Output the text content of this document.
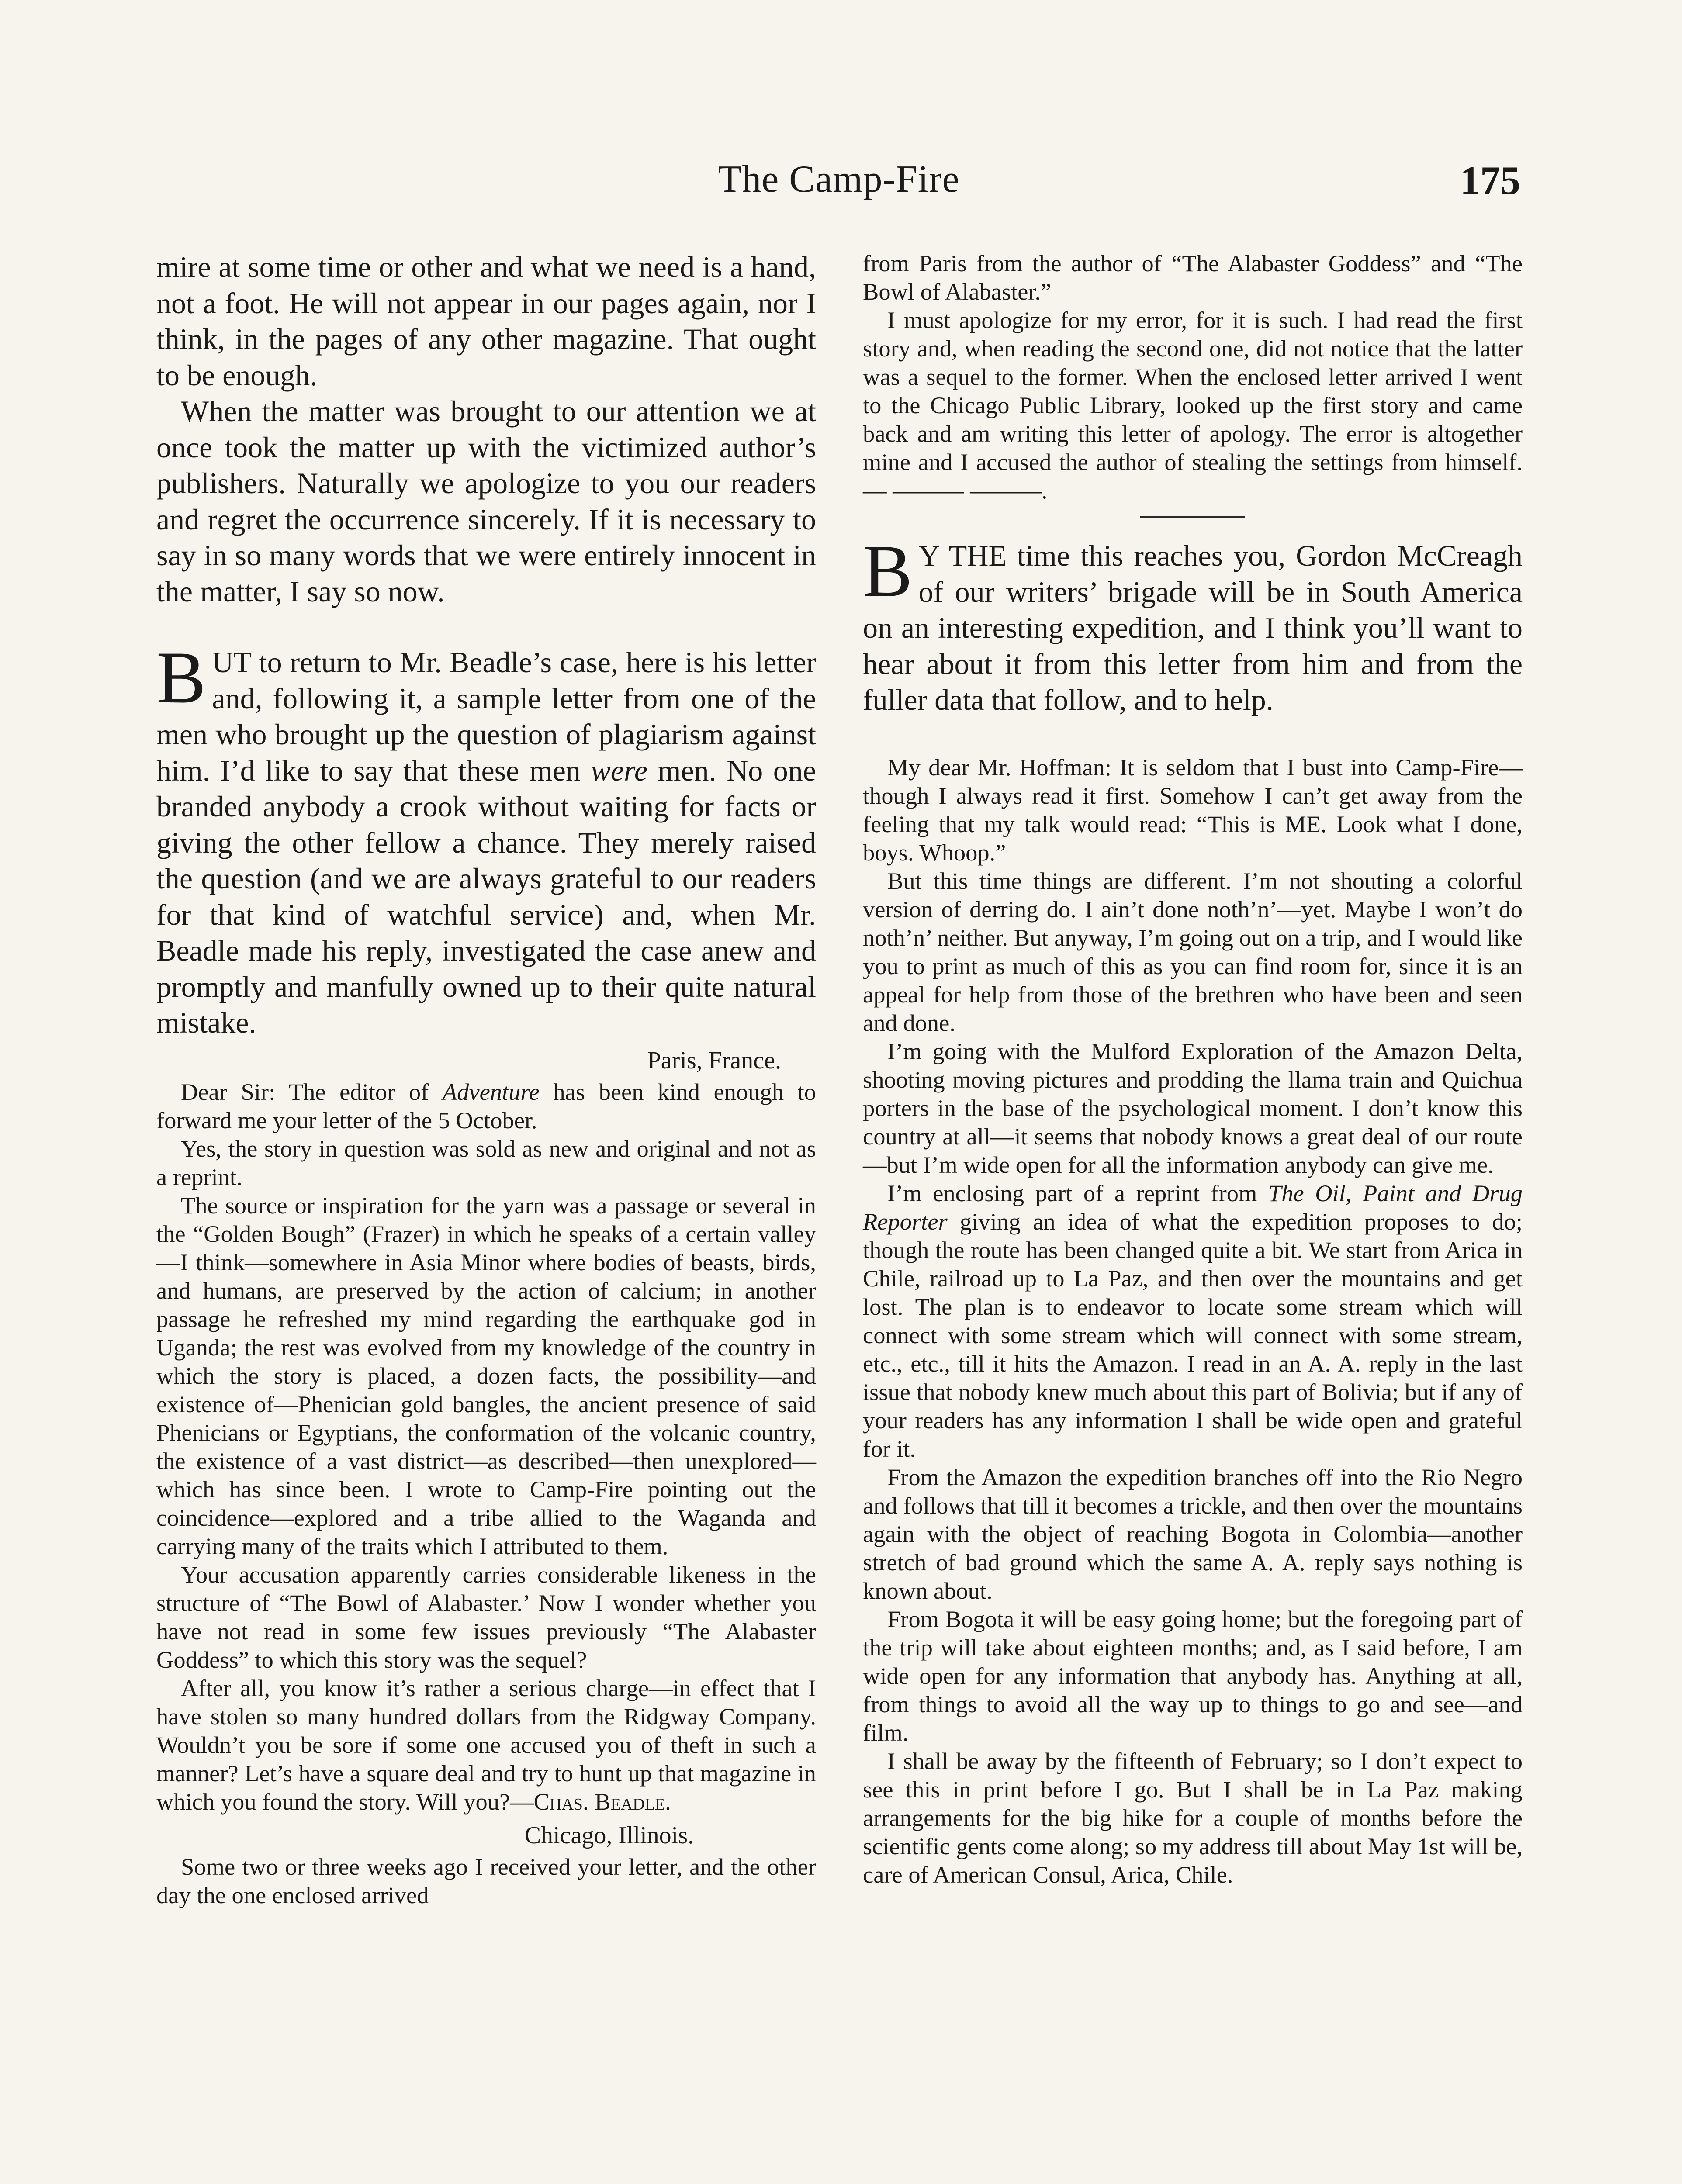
The Camp-Fire	175

mire at some time or other and what we need is a hand, not a foot. He will not appear in our pages again, nor I think, in the pages of any other magazine. That ought to be enough.

When the matter was brought to our attention we at once took the matter up with the victimized author’s publishers. Naturally we apologize to you our readers and regret the occurrence sincerely. If it is necessary to say in so many words that we were entirely innocent in the matter, I say so now.

BUT to return to Mr. Beadle’s case, here is his letter and, following it, a sample letter from one of the men who brought up the question of plagiarism against him. I’d like to say that these men were men. No one branded anybody a crook without waiting for facts or giving the other fellow a chance. They merely raised the question (and we are always grateful to our readers for that kind of watchful service) and, when Mr. Beadle made his reply, investigated the case anew and promptly and manfully owned up to their quite natural mistake.

Paris, France.

Dear Sir: The editor of Adventure has been kind enough to forward me your letter of the 5 October.

Yes, the story in question was sold as new and original and not as a reprint.

The source or inspiration for the yarn was a passage or several in the “Golden Bough” (Frazer) in which he speaks of a certain valley—I think—somewhere in Asia Minor where bodies of beasts, birds, and humans, are preserved by the action of calcium; in another passage he refreshed my mind regarding the earthquake god in Uganda; the rest was evolved from my knowledge of the country in which the story is placed, a dozen facts, the possibility—and existence of—Phenician gold bangles, the ancient presence of said Phenicians or Egyptians, the conformation of the volcanic country, the existence of a vast district—as described—then unexplored—which has since been. I wrote to Camp-Fire pointing out the coincidence—explored and a tribe allied to the Waganda and carrying many of the traits which I attributed to them.

Your accusation apparently carries considerable likeness in the structure of “The Bowl of Alabaster.’ Now I wonder whether you have not read in some few issues previously “The Alabaster Goddess” to which this story was the sequel?

After all, you know it’s rather a serious charge—in effect that I have stolen so many hundred dollars from the Ridgway Company. Wouldn’t you be sore if some one accused you of theft in such a manner? Let’s have a square deal and try to hunt up that magazine in which you found the story. Will you?—Chas. Beadle.

Chicago, Illinois.

Some two or three weeks ago I received your letter, and the other day the one enclosed arrived

from Paris from the author of “The Alabaster Goddess” and “The Bowl of Alabaster.”

I must apologize for my error, for it is such. I had read the first story and, when reading the second one, did not notice that the latter was a sequel to the former. When the enclosed letter arrived I went to the Chicago Public Library, looked up the first story and came back and am writing this letter of apology. The error is altogether mine and I accused the author of stealing the settings from himself.— ——— ———.

B Y THE time this reaches you, Gordon McCreagh of our writers’ brigade will be in South America on an interesting expedition, and I think you’ll want to hear about it from this letter from him and from the fuller data that follow, and to help.

My dear Mr. Hoffman: It is seldom that I bust into Camp-Fire—though I always read it first. Somehow I can’t get away from the feeling that my talk would read: “This is ME. Look what I done, boys. Whoop.”

But this time things are different. I’m not shouting a colorful version of derring do. I ain’t done noth’n’—yet. Maybe I won’t do noth’n’ neither. But anyway, I’m going out on a trip, and I would like you to print as much of this as you can find room for, since it is an appeal for help from those of the brethren who have been and seen and done.

I’m going with the Mulford Exploration of the Amazon Delta, shooting moving pictures and prodding the llama train and Quichua porters in the base of the psychological moment. I don’t know this country at all—it seems that nobody knows a great deal of our route—but I’m wide open for all the information anybody can give me.

I’m enclosing part of a reprint from The Oil, Paint and Drug Reporter giving an idea of what the expedition proposes to do; though the route has been changed quite a bit. We start from Arica in Chile, railroad up to La Paz, and then over the mountains and get lost. The plan is to endeavor to locate some stream which will connect with some stream which will connect with some stream, etc., etc., till it hits the Amazon. I read in an A. A. reply in the last issue that nobody knew much about this part of Bolivia; but if any of your readers has any information I shall be wide open and grateful for it.

From the Amazon the expedition branches off into the Rio Negro and follows that till it becomes a trickle, and then over the mountains again with the object of reaching Bogota in Colombia—another stretch of bad ground which the same A. A. reply says nothing is known about.

From Bogota it will be easy going home; but the foregoing part of the trip will take about eighteen months; and, as I said before, I am wide open for any information that anybody has. Anything at all, from things to avoid all the way up to things to go and see—and film.

I shall be away by the fifteenth of February; so I don’t expect to see this in print before I go. But I shall be in La Paz making arrangements for the big hike for a couple of months before the scientific gents come along; so my address till about May 1st will be, care of American Consul, Arica, Chile.
